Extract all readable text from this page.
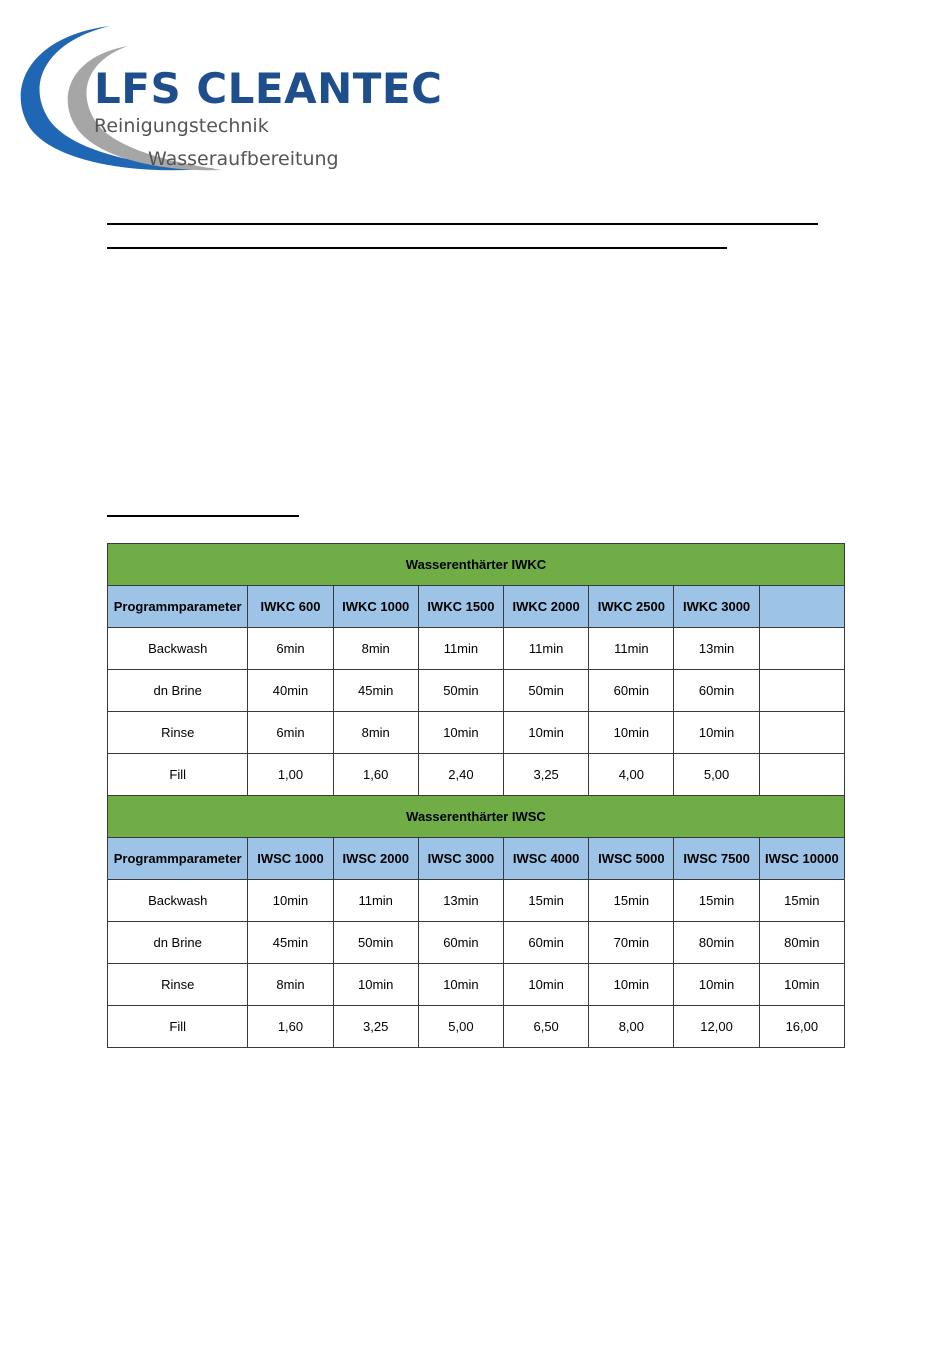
LFS CLEANTEC
Reinigungstechnik
Wasseraufbereitung
Wasserenthärter IWKC							
Programmparameter	IWKC 600	IWKC 1000	IWKC 1500	IWKC 2000	IWKC 2500	IWKC 3000	
Backwash	6min	8min	11min	11min	11min	13min	
dn Brine	40min	45min	50min	50min	60min	60min	
Rinse	6min	8min	10min	10min	10min	10min	
Fill	1,00	1,60	2,40	3,25	4,00	5,00	
Wasserenthärter IWSC							
Programmparameter	IWSC 1000	IWSC 2000	IWSC 3000	IWSC 4000	IWSC 5000	IWSC 7500	IWSC 10000
Backwash	10min	11min	13min	15min	15min	15min	15min
dn Brine	45min	50min	60min	60min	70min	80min	80min
Rinse	8min	10min	10min	10min	10min	10min	10min
Fill	1,60	3,25	5,00	6,50	8,00	12,00	16,00
